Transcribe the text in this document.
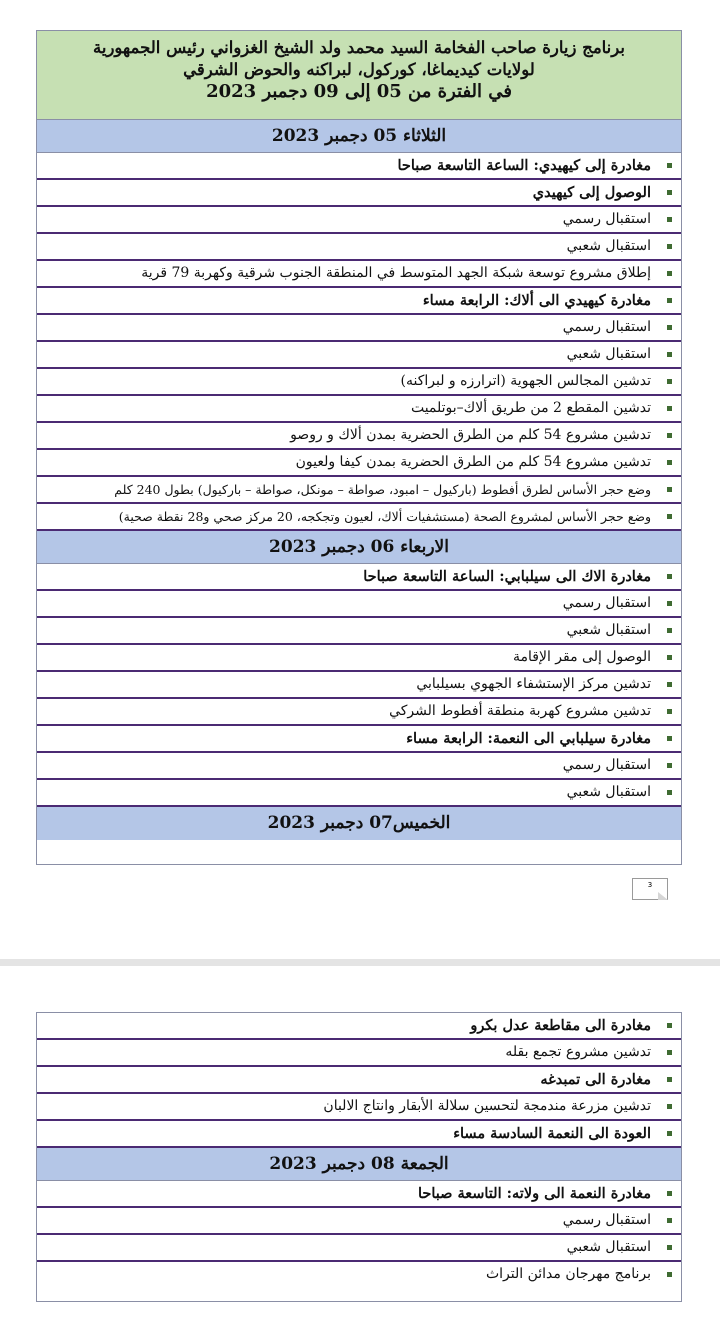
برنامج زيارة صاحب الفخامة السيد محمد ولد الشيخ الغزواني رئيس الجمهورية
لولايات كيديماغا، كوركول، لبراكنه والحوض الشرقي
في الفترة من 05 إلى 09 دجمبر 2023
الثلاثاء 05 دجمبر 2023
مغادرة إلى كيهيدي: الساعة التاسعة صباحا
الوصول إلى كيهيدي
استقبال رسمي
استقبال شعبي
إطلاق مشروع توسعة شبكة الجهد المتوسط في المنطقة الجنوب شرقية وكهربة 79 قرية
مغادرة كيهيدي الى ألاك: الرابعة مساء
استقبال رسمي
استقبال شعبي
تدشين المجالس الجهوية (اترارزه و لبراكنه)
تدشين المقطع 2 من طريق ألاك–بوتلميت
تدشين مشروع 54 كلم من الطرق الحضرية بمدن ألاك و روصو
تدشين مشروع 54 كلم من الطرق الحضرية بمدن كيفا ولعيون
وضع حجر الأساس لطرق أفطوط (باركيول – امبود، صواطة – مونكل، صواطة – باركيول) بطول 240 كلم
وضع حجر الأساس لمشروع الصحة (مستشفيات ألاك، لعيون وتجكجه، 20 مركز صحي و28 نقطة صحية)
الاربعاء 06 دجمبر 2023
مغادرة الاك الى سيلبابي: الساعة التاسعة صباحا
استقبال رسمي
استقبال شعبي
الوصول إلى مقر الإقامة
تدشين مركز الإستشفاء الجهوي بسيلبابي
تدشين مشروع كهربة منطقة أفطوط الشركي
مغادرة سيلبابي الى النعمة: الرابعة مساء
استقبال رسمي
استقبال شعبي
الخميس07 دجمبر 2023
3
مغادرة الى مقاطعة عدل بكرو
تدشين مشروع تجمع بقله
مغادرة الى تمبدغه
تدشين مزرعة مندمجة لتحسين سلالة الأبقار وانتاج الالبان
العودة الى النعمة السادسة مساء
الجمعة 08 دجمبر 2023
مغادرة النعمة الى ولاته: التاسعة صباحا
استقبال رسمي
استقبال شعبي
برنامج مهرجان مدائن التراث
